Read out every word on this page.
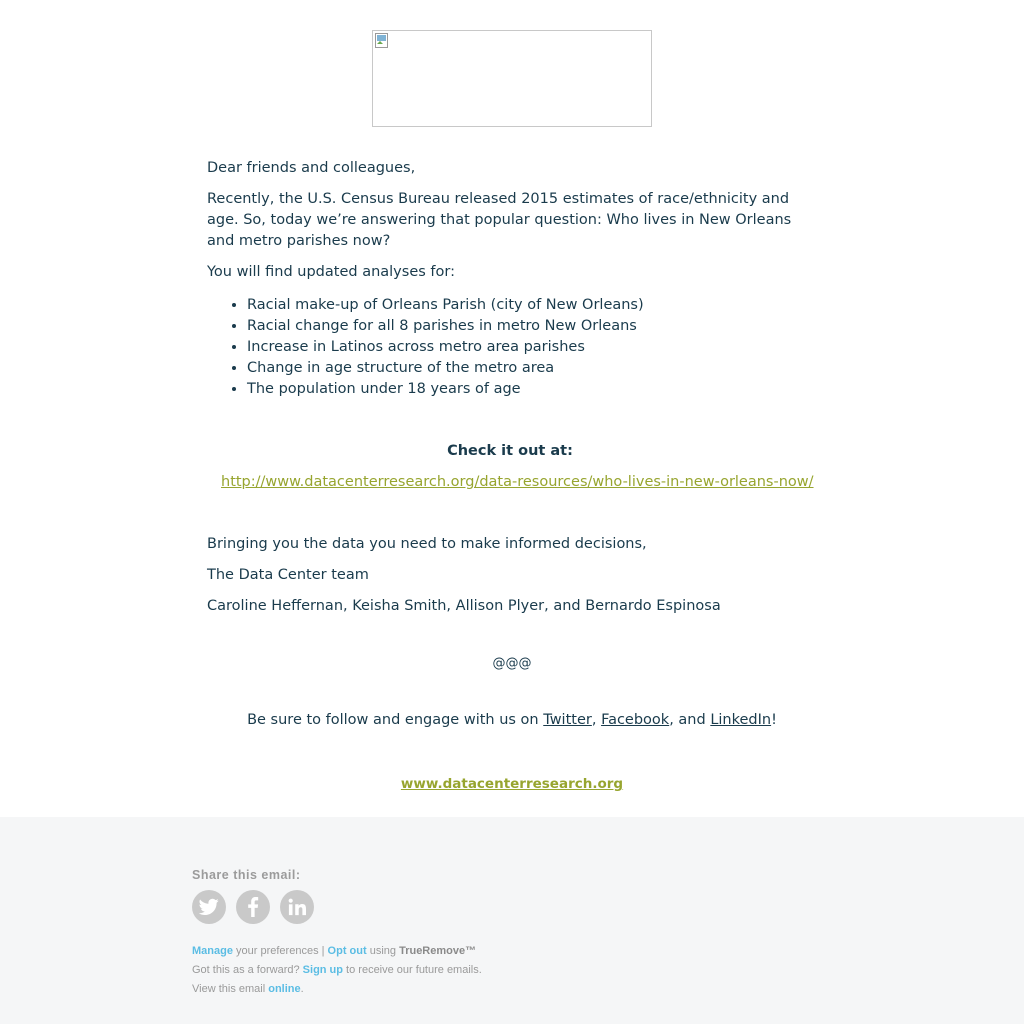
Dear friends and colleagues,

Recently, the U.S. Census Bureau released 2015 estimates of race/ethnicity and age. So, today we’re answering that popular question: Who lives in New Orleans and metro parishes now?

You will find updated analyses for:

• Racial make-up of Orleans Parish (city of New Orleans)
• Racial change for all 8 parishes in metro New Orleans
• Increase in Latinos across metro area parishes
• Change in age structure of the metro area
• The population under 18 years of age
Check it out at:
http://www.datacenterresearch.org/data-resources/who-lives-in-new-orleans-now/

Bringing you the data you need to make informed decisions,

The Data Center team

Caroline Heffernan, Keisha Smith, Allison Plyer, and Bernardo Espinosa

@@@
Be sure to follow and engage with us on Twitter, Facebook, and LinkedIn!
www.datacenterresearch.org
Share this email:
Manage your preferences | Opt out using TrueRemove™
Got this as a forward? Sign up to receive our future emails.
View this email online.
